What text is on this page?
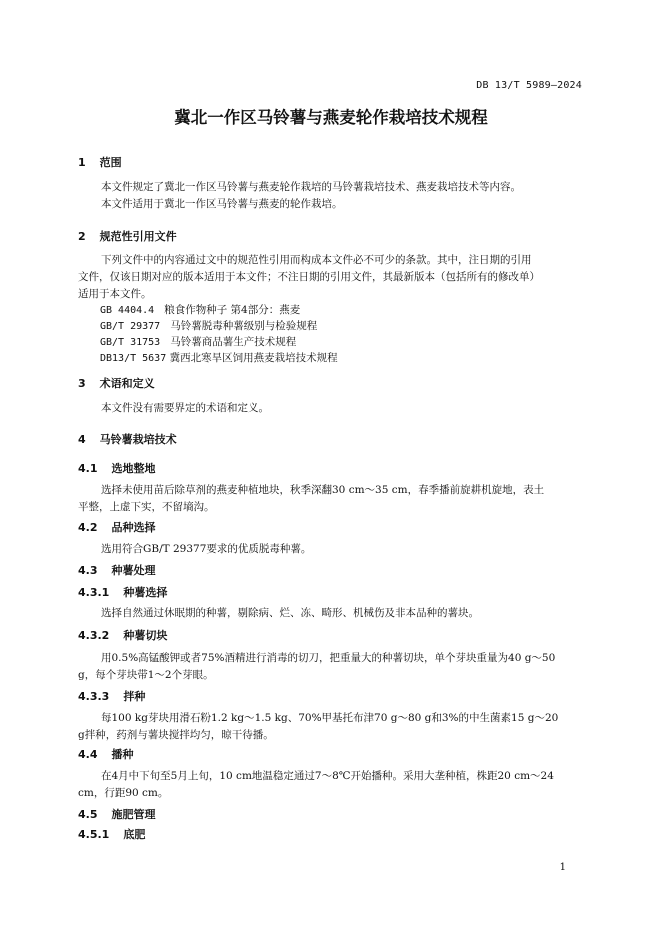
DB 13/T 5989—2024
冀北一作区马铃薯与燕麦轮作栽培技术规程
1 范围
本文件规定了冀北一作区马铃薯与燕麦轮作栽培的马铃薯栽培技术、燕麦栽培技术等内容。
本文件适用于冀北一作区马铃薯与燕麦的轮作栽培。
2 规范性引用文件
下列文件中的内容通过文中的规范性引用而构成本文件必不可少的条款。其中，注日期的引用
文件，仅该日期对应的版本适用于本文件；不注日期的引用文件，其最新版本（包括所有的修改单）
适用于本文件。
GB 4404.4 粮食作物种子 第4部分：燕麦
GB/T 29377 马铃薯脱毒种薯级别与检验规程
GB/T 31753 马铃薯商品薯生产技术规程
DB13/T 5637 冀西北寒旱区饲用燕麦栽培技术规程
3 术语和定义
本文件没有需要界定的术语和定义。
4 马铃薯栽培技术
4.1 选地整地
选择未使用苗后除草剂的燕麦种植地块，秋季深翻30 cm～35 cm，春季播前旋耕机旋地，表土
平整，上虚下实，不留墒沟。
4.2 品种选择
选用符合GB/T 29377要求的优质脱毒种薯。
4.3 种薯处理
4.3.1 种薯选择
选择自然通过休眠期的种薯，剔除病、烂、冻、畸形、机械伤及非本品种的薯块。
4.3.2 种薯切块
用0.5%高锰酸钾或者75%酒精进行消毒的切刀，把重量大的种薯切块，单个芽块重量为40 g～50
g，每个芽块带1～2个芽眼。
4.3.3 拌种
每100 kg芽块用滑石粉1.2 kg～1.5 kg、70%甲基托布津70 g～80 g和3%的中生菌素15 g～20
g拌种，药剂与薯块搅拌均匀，晾干待播。
4.4 播种
在4月中下旬至5月上旬，10 cm地温稳定通过7～8℃开始播种。采用大垄种植，株距20 cm～24
cm，行距90 cm。
4.5 施肥管理
4.5.1 底肥
1
